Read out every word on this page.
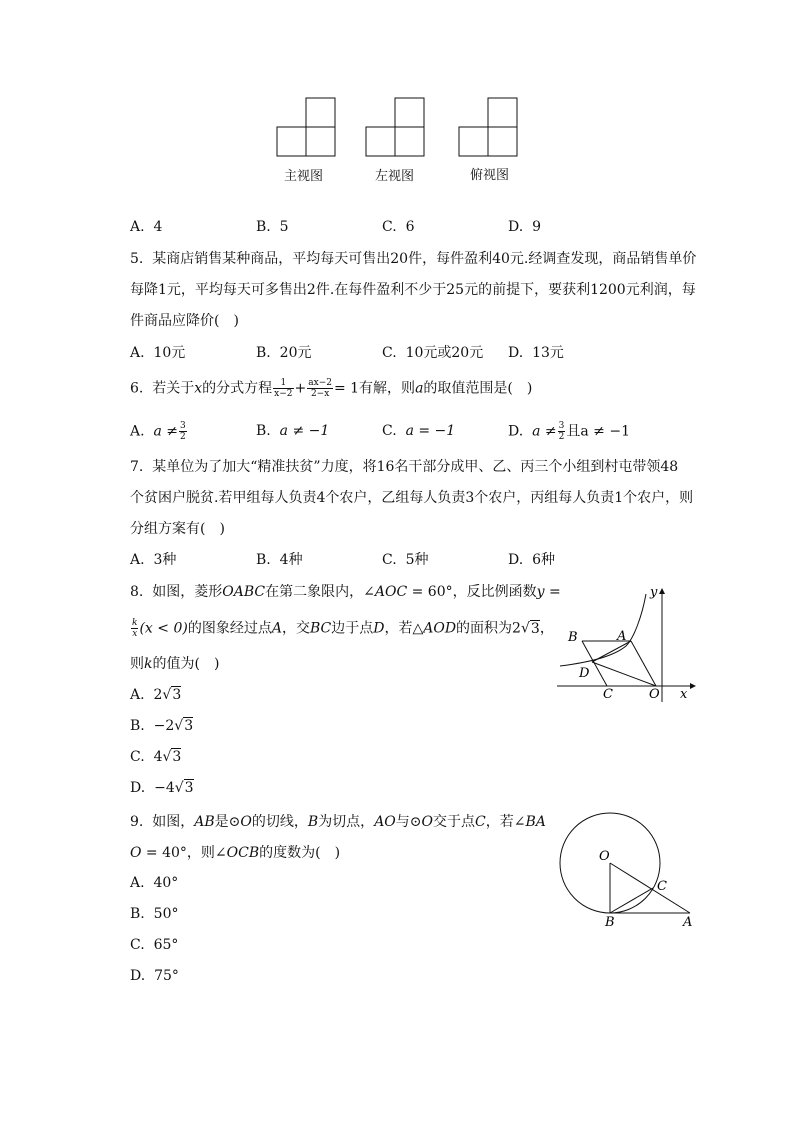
主视图	左视图	俯视图
A. 4	B. 5	C. 6	D. 9
5. 某商店销售某种商品，平均每天可售出20件，每件盈利40元.经调查发现，商品销售单价
每降1元，平均每天可多售出2件.在每件盈利不少于25元的前提下，要获利1200元利润，每
件商品应降价(　)
A. 10元	B. 20元	C. 10元或20元 D. 13元
6. 若关于x的分式方程 $\frac{1}{x-2} + \frac{ax-2}{2-x} = 1$有解，则a的取值范围是(　)
A. $a \ne \frac{3}{2}$	B. a ≠ −1	C. a = −1	D. $a \ne \frac{3}{2}$ 且a ≠ −1
7. 某单位为了加大“精准扶贫”力度，将16名干部分成甲、乙、丙三个小组到村屯带领48
个贫困户脱贫.若甲组每人负责4个农户，乙组每人负责3个农户，丙组每人负责1个农户，则
分组方案有(　)
A. 3种	B. 4种	C. 5种	D. 6种
8. 如图，菱形OABC在第二象限内，∠AOC = 60°，反比例函数y =
$\frac{k}{x} (x < 0)$的图象经过点A，交BC边于点D，若△AOD的面积为2√3，
则k的值为(　)
A. 2√3
B. −2√3
C. 4√3
D. −4√3
y
x
B	A
D
C	O
9. 如图，AB是⊙O的切线，B为切点，AO与⊙O交于点C，若∠BA
O = 40°，则∠OCB的度数为(　)
A. 40°
B. 50°
C. 65°
D. 75°
O
C
B	A
